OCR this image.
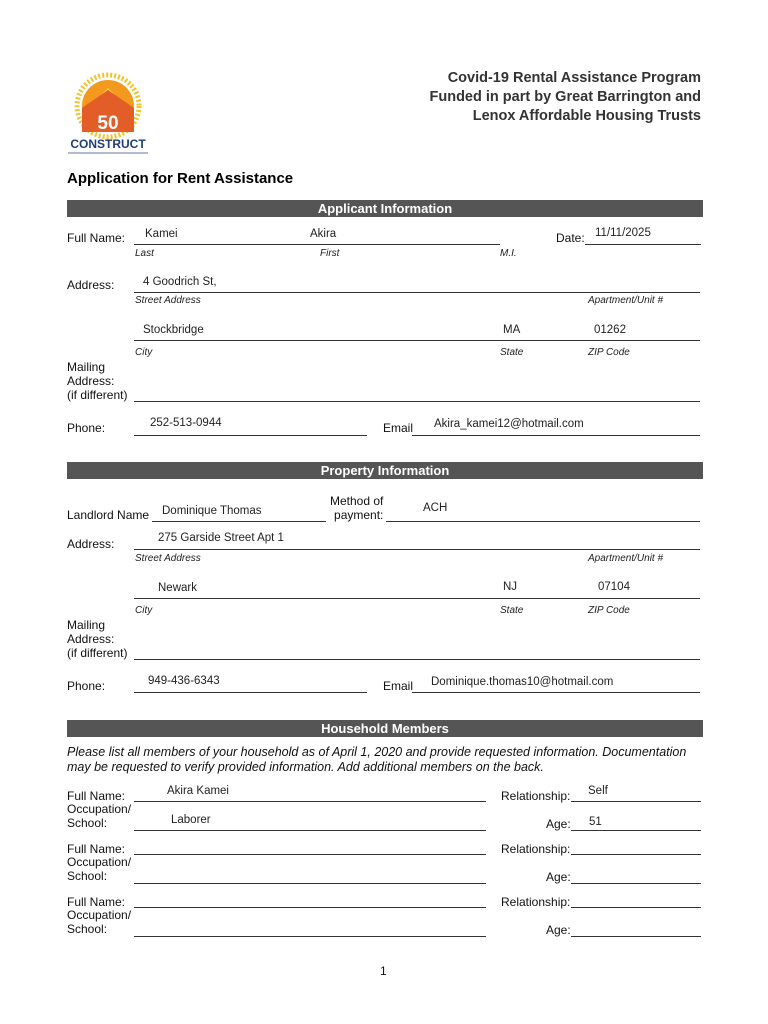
50
CONSTRUCT
Covid-19 Rental Assistance Program
Funded in part by Great Barrington and
Lenox Affordable Housing Trusts
Application for Rent Assistance
Applicant Information
Full Name: Kamei	Akira
Last	First	M.I.
Date: 11/11/2025
Address: 4 Goodrich St,
Street Address	Apartment/Unit #
Stockbridge	MA	01262
City	State	ZIP Code
Mailing
Address:
(if different)
Phone:	252-513-0944	Email Akira_kamei12@hotmail.com
Property Information
Landlord Name Dominique Thomas
Method of
payment:	ACH
Address:	275 Garside Street Apt 1
Street Address	Apartment/Unit #
Newark	NJ	07104
City	State	ZIP Code
Mailing
Address:
(if different)
Phone:	949-436-6343	Email Dominique.thomas10@hotmail.com
Household Members
Please list all members of your household as of April 1, 2020 and provide requested information. Documentation
may be requested to verify provided information. Add additional members on the back.
Full Name:	Akira Kamei	Relationship: Self
Occupation/
School:	Laborer	Age: 51
Full Name:	Relationship:
Occupation/
School:	Age:
Full Name:	Relationship:
Occupation/
School:	Age:
1
